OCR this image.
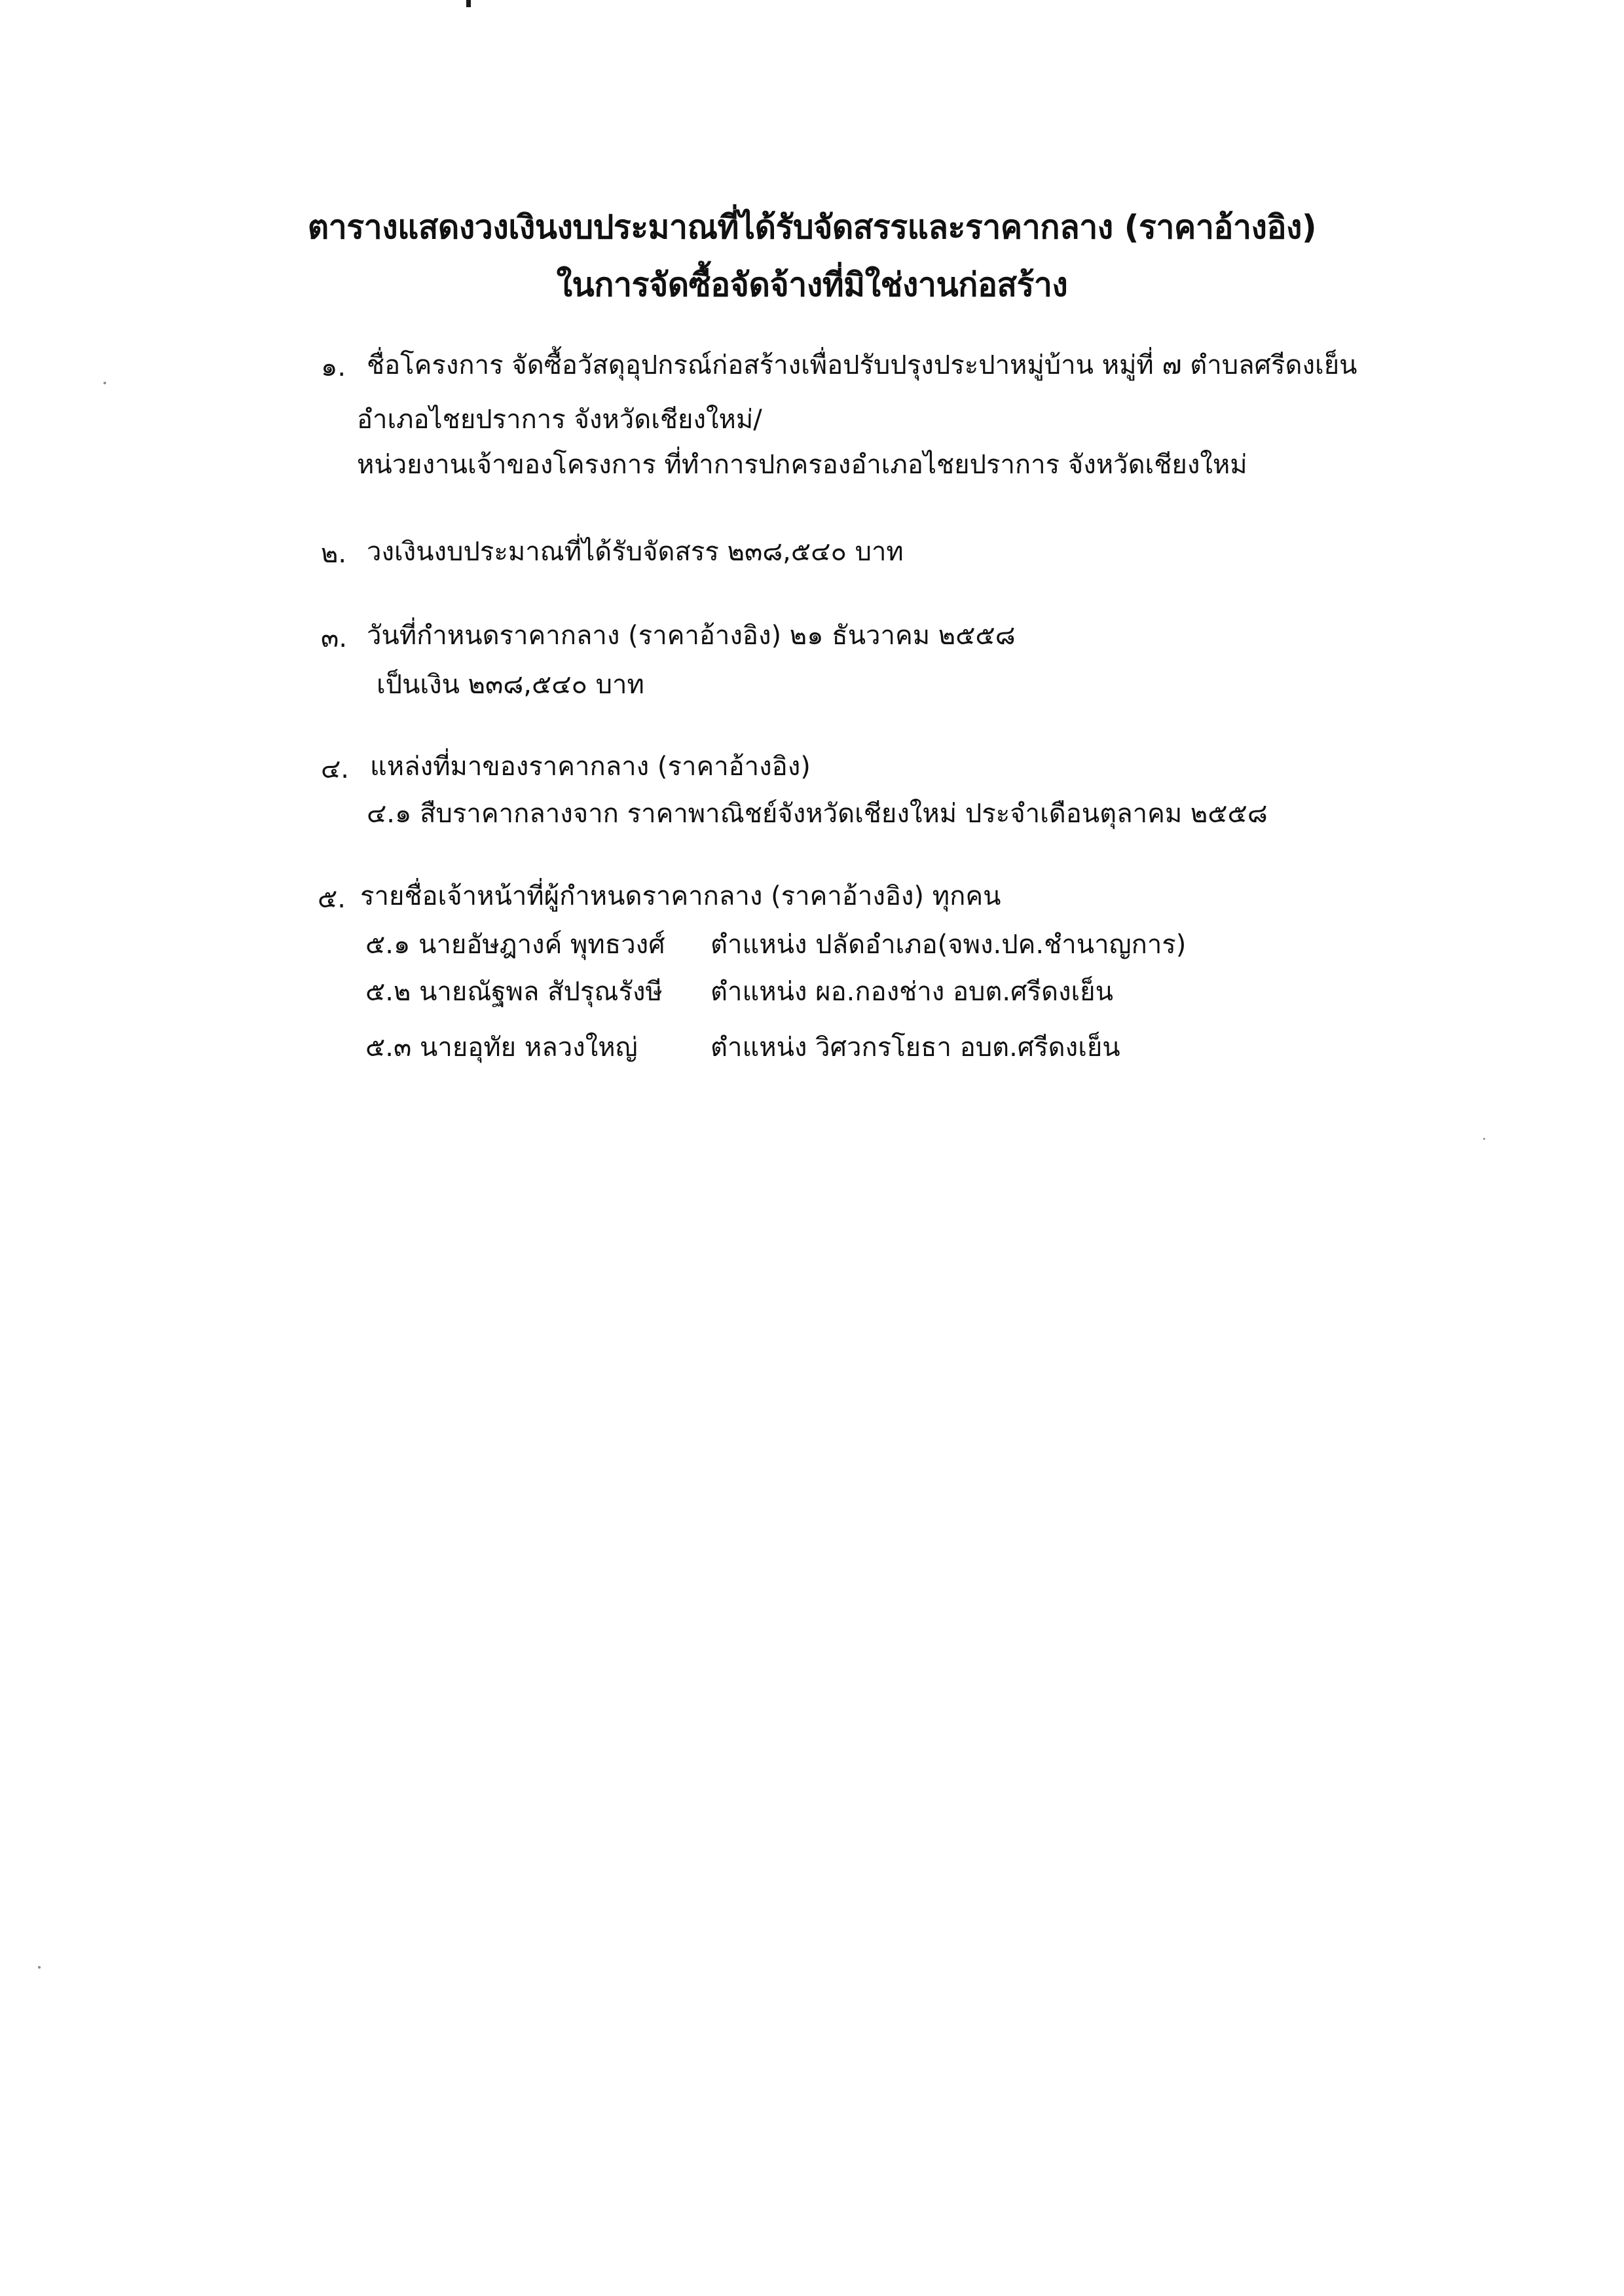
ตารางแสดงวงเงินงบประมาณที่ได้รับจัดสรรและราคากลาง (ราคาอ้างอิง)
ในการจัดซื้อจัดจ้างที่มิใช่งานก่อสร้าง
๑. ชื่อโครงการ จัดซื้อวัสดุอุปกรณ์ก่อสร้างเพื่อปรับปรุงประปาหมู่บ้าน หมู่ที่ ๗ ตำบลศรีดงเย็น
อำเภอไชยปราการ จังหวัดเชียงใหม่/
หน่วยงานเจ้าของโครงการ ที่ทำการปกครองอำเภอไชยปราการ จังหวัดเชียงใหม่
๒. วงเงินงบประมาณที่ได้รับจัดสรร ๒๓๘,๕๔๐ บาท
๓. วันที่กำหนดราคากลาง (ราคาอ้างอิง) ๒๑ ธันวาคม ๒๕๕๘
เป็นเงิน ๒๓๘,๕๔๐ บาท
๔. แหล่งที่มาของราคากลาง (ราคาอ้างอิง)
๔.๑ สืบราคากลางจาก ราคาพาณิชย์จังหวัดเชียงใหม่ ประจำเดือนตุลาคม ๒๕๕๘
๕. รายชื่อเจ้าหน้าที่ผู้กำหนดราคากลาง (ราคาอ้างอิง) ทุกคน
๕.๑ นายอัษฎางค์ พุทธวงศ์ ตำแหน่ง ปลัดอำเภอ(จพง.ปค.ชำนาญการ)
๕.๒ นายณัฐพล สัปรุณรังษี ตำแหน่ง ผอ.กองช่าง อบต.ศรีดงเย็น
๕.๓ นายอุทัย หลวงใหญ่	ตำแหน่ง วิศวกรโยธา อบต.ศรีดงเย็น
